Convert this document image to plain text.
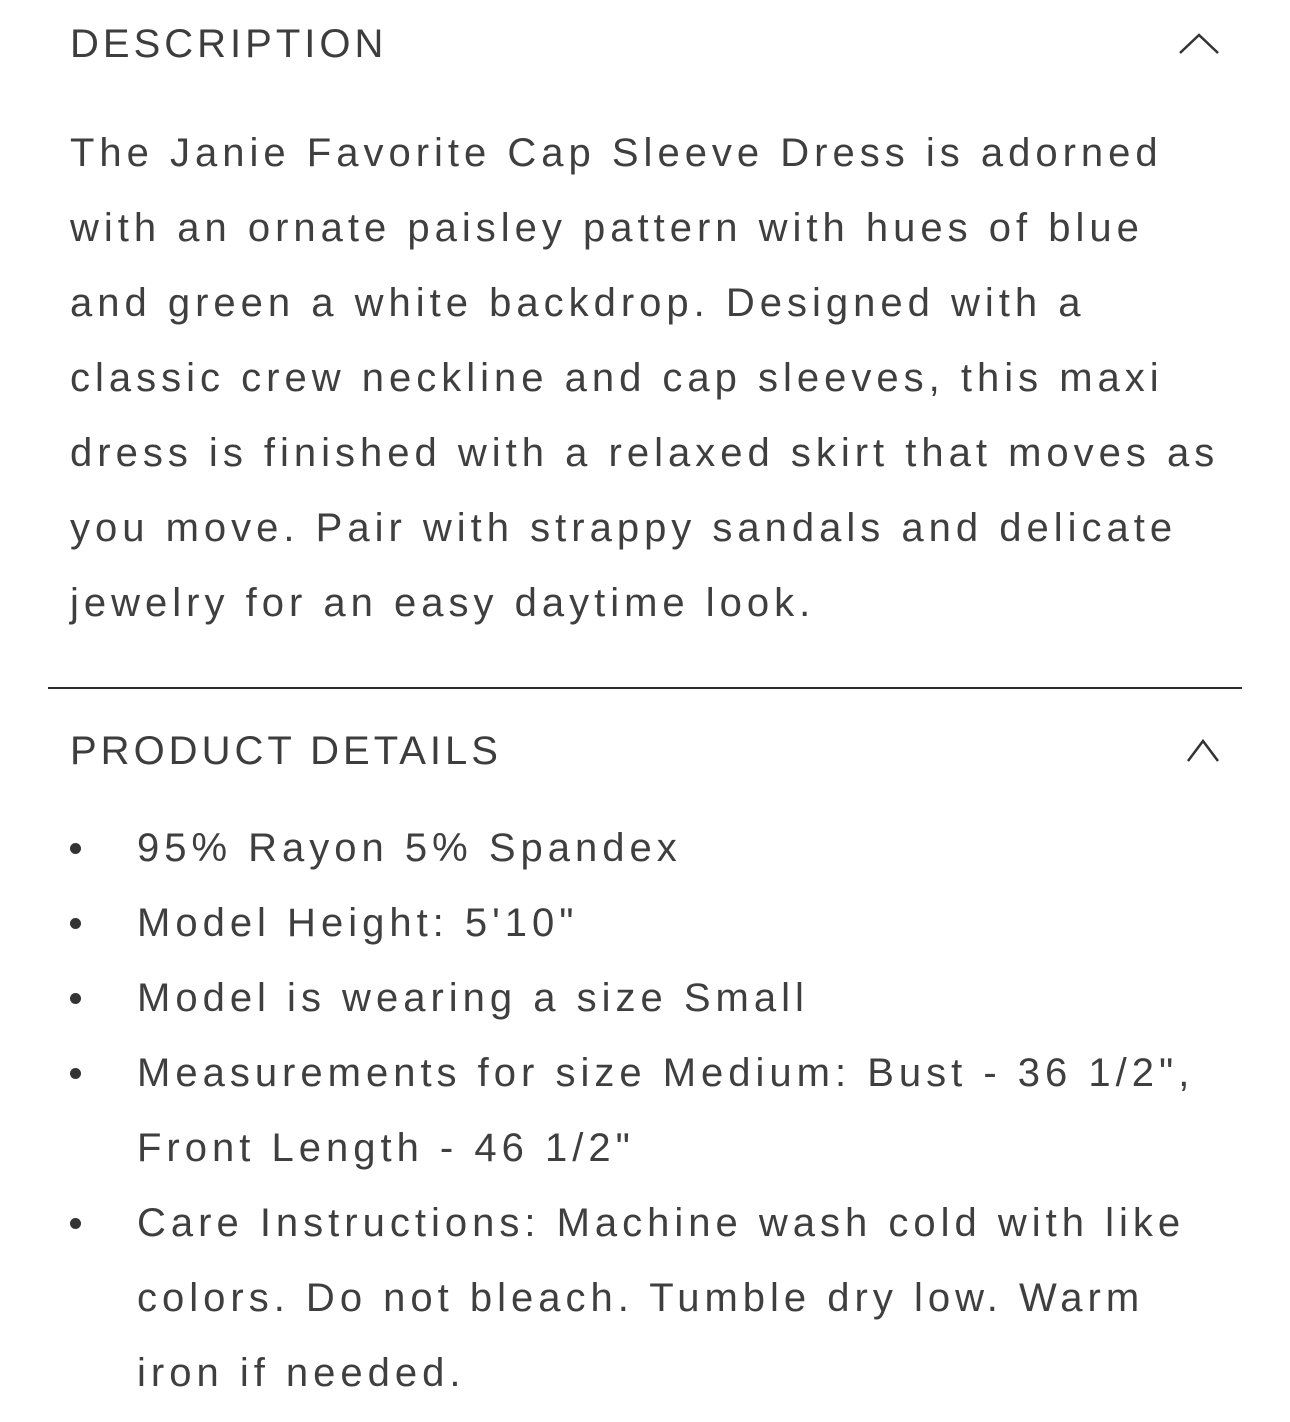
DESCRIPTION

The Janie Favorite Cap Sleeve Dress is adorned with an ornate paisley pattern with hues of blue and green a white backdrop. Designed with a classic crew neckline and cap sleeves, this maxi dress is finished with a relaxed skirt that moves as you move. Pair with strappy sandals and delicate jewelry for an easy daytime look.

PRODUCT DETAILS
95% Rayon 5% Spandex
Model Height: 5'10"
Model is wearing a size Small
Measurements for size Medium: Bust - 36 1/2", Front Length - 46 1/2"
Care Instructions: Machine wash cold with like colors. Do not bleach. Tumble dry low. Warm iron if needed.
